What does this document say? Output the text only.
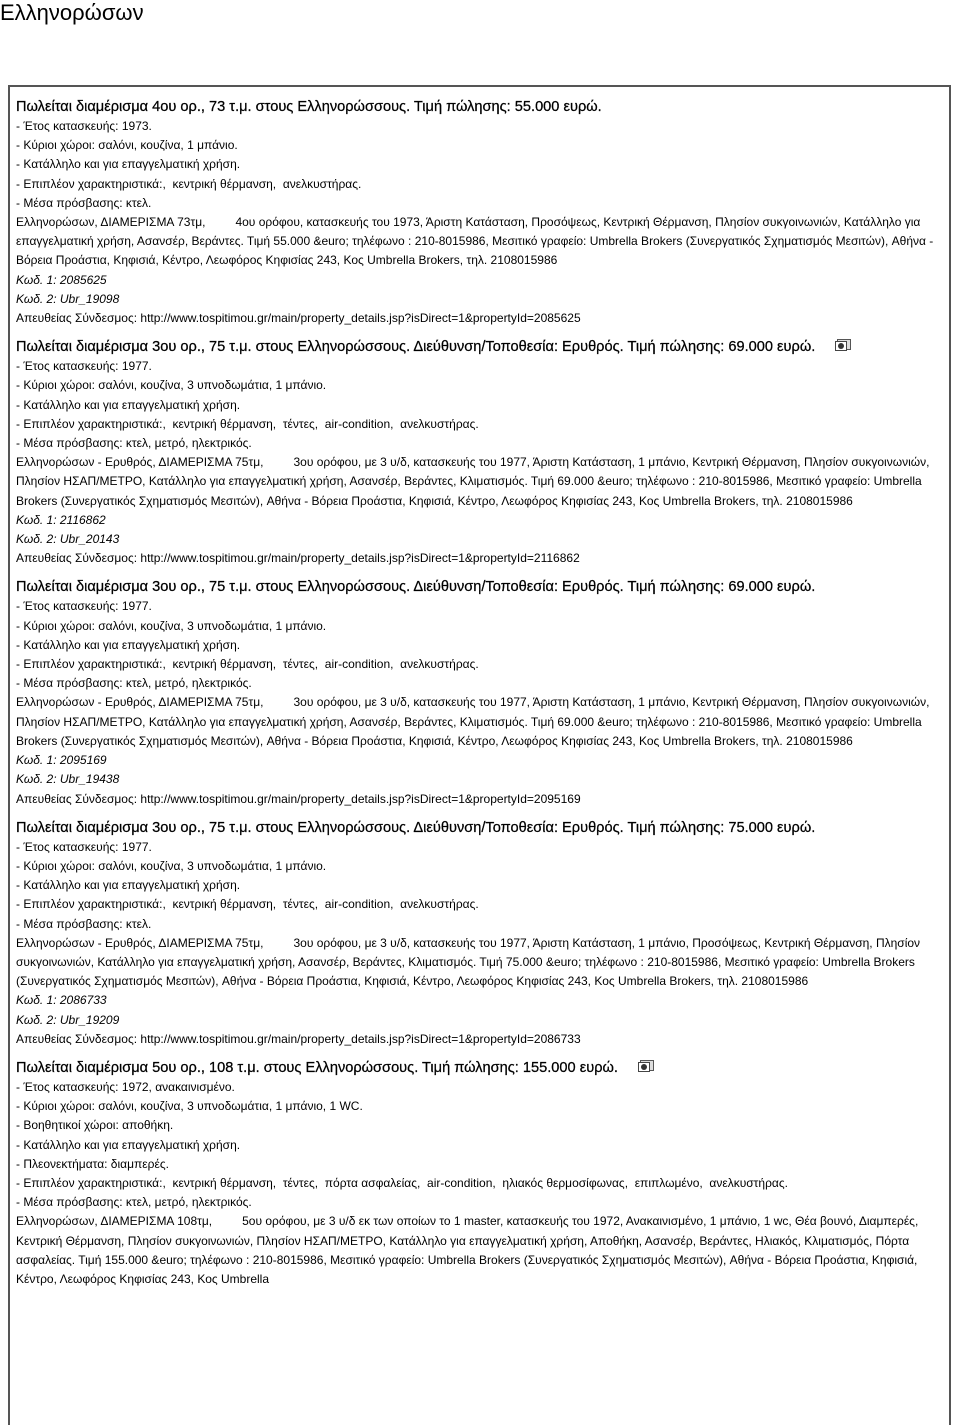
Ελληνορώσων
Πωλείται διαμέρισμα 4ου ορ., 73 τ.μ. στους Ελληνορώσσους. Τιμή πώλησης: 55.000 ευρώ.
- Έτος κατασκευής: 1973.
- Κύριοι χώροι: σαλόνι, κουζίνα, 1 μπάνιο.
- Κατάλληλο και για επαγγελματική χρήση.
- Επιπλέον χαρακτηριστικά:,  κεντρική θέρμανση,  ανελκυστήρας.
- Μέσα πρόσβασης: κτελ.
Ελληνορώσων, ΔΙΑΜΕΡΙΣΜΑ 73τμ,	4ου ορόφου, κατασκευής του 1973, Άριστη Κατάσταση, Προσόψεως, Κεντρική Θέρμανση, Πλησίον συκγοινωνιών, Κατάλληλο για επαγγελματική χρήση, Ασανσέρ, Βεράντες. Τιμή 55.000 &euro; τηλέφωνο : 210-8015986, Μεσιτικό γραφείο: Umbrella Brokers (Συνεργατικός Σχηματισμός Μεσιτών), Αθήνα - Βόρεια Προάστια, Κηφισιά, Κέντρο, Λεωφόρος Κηφισίας 243, Κος Umbrella Brokers, τηλ. 2108015986
Κωδ. 1: 2085625
Κωδ. 2: Ubr_19098
Απευθείας Σύνδεσμος: http://www.tospitimou.gr/main/property_details.jsp?isDirect=1&propertyId=2085625
Πωλείται διαμέρισμα 3ου ορ., 75 τ.μ. στους Ελληνορώσσους. Διεύθυνση/Τοποθεσία: Ερυθρός. Τιμή πώλησης: 69.000 ευρώ.
- Έτος κατασκευής: 1977.
- Κύριοι χώροι: σαλόνι, κουζίνα, 3 υπνοδωμάτια, 1 μπάνιο.
- Κατάλληλο και για επαγγελματική χρήση.
- Επιπλέον χαρακτηριστικά:,  κεντρική θέρμανση,  τέντες,  air-condition,  ανελκυστήρας.
- Μέσα πρόσβασης: κτελ, μετρό, ηλεκτρικός.
Ελληνορώσων - Ερυθρός, ΔΙΑΜΕΡΙΣΜΑ 75τμ,	3ου ορόφου, με 3 υ/δ, κατασκευής του 1977, Άριστη Κατάσταση, 1 μπάνιο, Κεντρική Θέρμανση, Πλησίον συκγοινωνιών, Πλησίον ΗΣΑΠ/ΜΕΤΡΟ, Κατάλληλο για επαγγελματική χρήση, Ασανσέρ, Βεράντες, Κλιματισμός. Τιμή 69.000 &euro; τηλέφωνο : 210-8015986, Μεσιτικό γραφείο: Umbrella Brokers (Συνεργατικός Σχηματισμός Μεσιτών), Αθήνα - Βόρεια Προάστια, Κηφισιά, Κέντρο, Λεωφόρος Κηφισίας 243, Κος Umbrella Brokers, τηλ. 2108015986
Κωδ. 1: 2116862
Κωδ. 2: Ubr_20143
Απευθείας Σύνδεσμος: http://www.tospitimou.gr/main/property_details.jsp?isDirect=1&propertyId=2116862
Πωλείται διαμέρισμα 3ου ορ., 75 τ.μ. στους Ελληνορώσσους. Διεύθυνση/Τοποθεσία: Ερυθρός. Τιμή πώλησης: 69.000 ευρώ.
- Έτος κατασκευής: 1977.
- Κύριοι χώροι: σαλόνι, κουζίνα, 3 υπνοδωμάτια, 1 μπάνιο.
- Κατάλληλο και για επαγγελματική χρήση.
- Επιπλέον χαρακτηριστικά:,  κεντρική θέρμανση,  τέντες,  air-condition,  ανελκυστήρας.
- Μέσα πρόσβασης: κτελ, μετρό, ηλεκτρικός.
Ελληνορώσων - Ερυθρός, ΔΙΑΜΕΡΙΣΜΑ 75τμ,	3ου ορόφου, με 3 υ/δ, κατασκευής του 1977, Άριστη Κατάσταση, 1 μπάνιο, Κεντρική Θέρμανση, Πλησίον συκγοινωνιών, Πλησίον ΗΣΑΠ/ΜΕΤΡΟ, Κατάλληλο για επαγγελματική χρήση, Ασανσέρ, Βεράντες, Κλιματισμός. Τιμή 69.000 &euro; τηλέφωνο : 210-8015986, Μεσιτικό γραφείο: Umbrella Brokers (Συνεργατικός Σχηματισμός Μεσιτών), Αθήνα - Βόρεια Προάστια, Κηφισιά, Κέντρο, Λεωφόρος Κηφισίας 243, Κος Umbrella Brokers, τηλ. 2108015986
Κωδ. 1: 2095169
Κωδ. 2: Ubr_19438
Απευθείας Σύνδεσμος: http://www.tospitimou.gr/main/property_details.jsp?isDirect=1&propertyId=2095169
Πωλείται διαμέρισμα 3ου ορ., 75 τ.μ. στους Ελληνορώσσους. Διεύθυνση/Τοποθεσία: Ερυθρός. Τιμή πώλησης: 75.000 ευρώ.
- Έτος κατασκευής: 1977.
- Κύριοι χώροι: σαλόνι, κουζίνα, 3 υπνοδωμάτια, 1 μπάνιο.
- Κατάλληλο και για επαγγελματική χρήση.
- Επιπλέον χαρακτηριστικά:,  κεντρική θέρμανση,  τέντες,  air-condition,  ανελκυστήρας.
- Μέσα πρόσβασης: κτελ.
Ελληνορώσων - Ερυθρός, ΔΙΑΜΕΡΙΣΜΑ 75τμ,	3ου ορόφου, με 3 υ/δ, κατασκευής του 1977, Άριστη Κατάσταση, 1 μπάνιο, Προσόψεως, Κεντρική Θέρμανση, Πλησίον συκγοινωνιών, Κατάλληλο για επαγγελματική χρήση, Ασανσέρ, Βεράντες, Κλιματισμός. Τιμή 75.000 &euro; τηλέφωνο : 210-8015986, Μεσιτικό γραφείο: Umbrella Brokers (Συνεργατικός Σχηματισμός Μεσιτών), Αθήνα - Βόρεια Προάστια, Κηφισιά, Κέντρο, Λεωφόρος Κηφισίας 243, Κος Umbrella Brokers, τηλ. 2108015986
Κωδ. 1: 2086733
Κωδ. 2: Ubr_19209
Απευθείας Σύνδεσμος: http://www.tospitimou.gr/main/property_details.jsp?isDirect=1&propertyId=2086733
Πωλείται διαμέρισμα 5ου ορ., 108 τ.μ. στους Ελληνορώσσους. Τιμή πώλησης: 155.000 ευρώ.
- Έτος κατασκευής: 1972, ανακαινισμένο.
- Κύριοι χώροι: σαλόνι, κουζίνα, 3 υπνοδωμάτια, 1 μπάνιο, 1 WC.
- Βοηθητικοί χώροι: αποθήκη.
- Κατάλληλο και για επαγγελματική χρήση.
- Πλεονεκτήματα: διαμπερές.
- Επιπλέον χαρακτηριστικά:,  κεντρική θέρμανση,  τέντες,  πόρτα ασφαλείας,  air-condition,  ηλιακός θερμοσίφωνας,  επιπλωμένο,  ανελκυστήρας.
- Μέσα πρόσβασης: κτελ, μετρό, ηλεκτρικός.
Ελληνορώσων, ΔΙΑΜΕΡΙΣΜΑ 108τμ,	5ου ορόφου, με 3 υ/δ εκ των οποίων το 1 master, κατασκευής του 1972, Ανακαινισμένο, 1 μπάνιο, 1 wc, Θέα βουνό, Διαμπερές, Κεντρική Θέρμανση, Πλησίον συκγοινωνιών, Πλησίον ΗΣΑΠ/ΜΕΤΡΟ, Κατάλληλο για επαγγελματική χρήση, Αποθήκη, Ασανσέρ, Βεράντες, Ηλιακός, Κλιματισμός, Πόρτα ασφαλείας. Τιμή 155.000 &euro; τηλέφωνο : 210-8015986, Μεσιτικό γραφείο: Umbrella Brokers (Συνεργατικός Σχηματισμός Μεσιτών), Αθήνα - Βόρεια Προάστια, Κηφισιά, Κέντρο, Λεωφόρος Κηφισίας 243, Κος Umbrella
